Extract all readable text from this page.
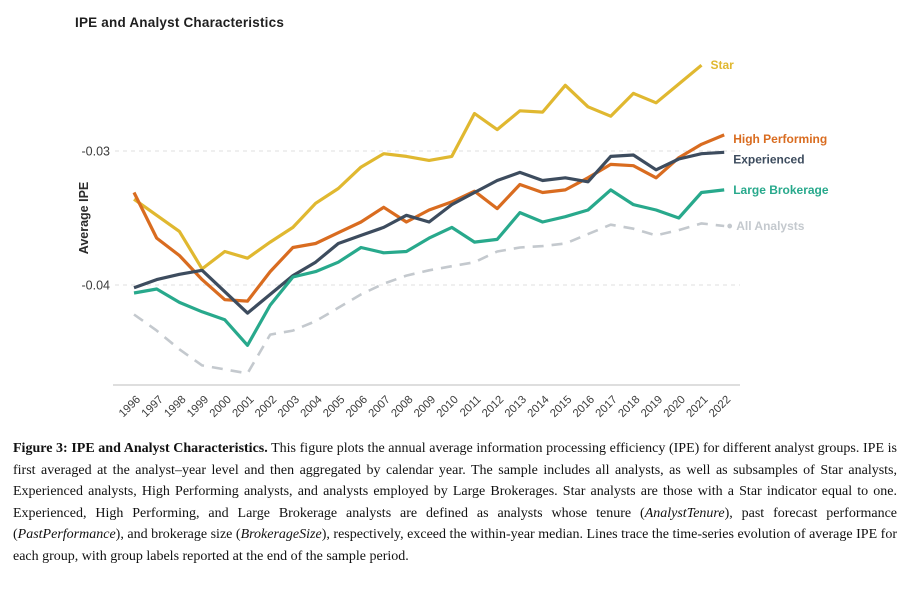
IPE and Analyst Characteristics
-0.03
-0.04
Average IPE
1996
1997
1998
1999
2000
2001
2002
2003
2004
2005
2006
2007
2008
2009
2010
2011
2012
2013
2014
2015
2016
2017
2018
2019
2020
2021
2022
Star
High Performing
Experienced
Large Brokerage
All Analysts

Figure 3: IPE and Analyst Characteristics. This figure plots the annual average information processing efficiency (IPE) for different analyst groups. IPE is first averaged at the analyst–year level and then aggregated by calendar year. The sample includes all analysts, as well as subsamples of Star analysts, Experienced analysts, High Performing analysts, and analysts employed by Large Brokerages. Star analysts are those with a Star indicator equal to one. Experienced, High Performing, and Large Brokerage analysts are defined as analysts whose tenure (AnalystTenure), past forecast performance (PastPerformance), and brokerage size (BrokerageSize), respectively, exceed the within-year median. Lines trace the time-series evolution of average IPE for each group, with group labels reported at the end of the sample period.
